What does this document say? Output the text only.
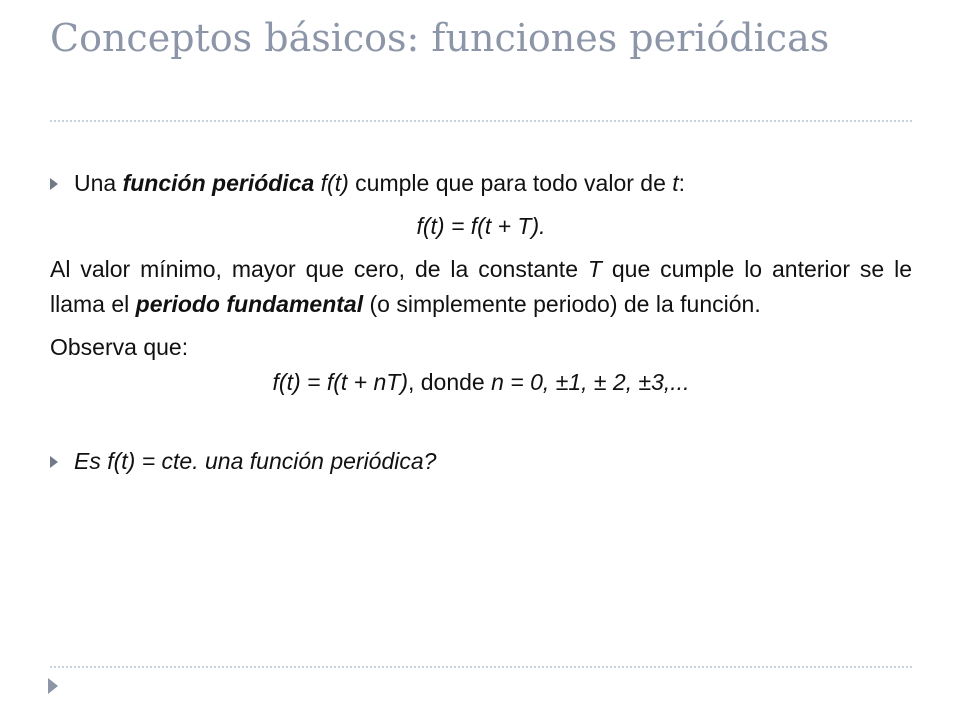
Conceptos básicos: funciones periódicas
Una función periódica f(t) cumple que para todo valor de t:
f(t) = f(t + T).
Al valor mínimo, mayor que cero, de la constante T que cumple lo anterior se le llama el periodo fundamental (o simplemente periodo) de la función.
Observa que:
f(t) = f(t + nT), donde n = 0, ±1, ± 2, ±3,...
Es f(t) = cte. una función periódica?
